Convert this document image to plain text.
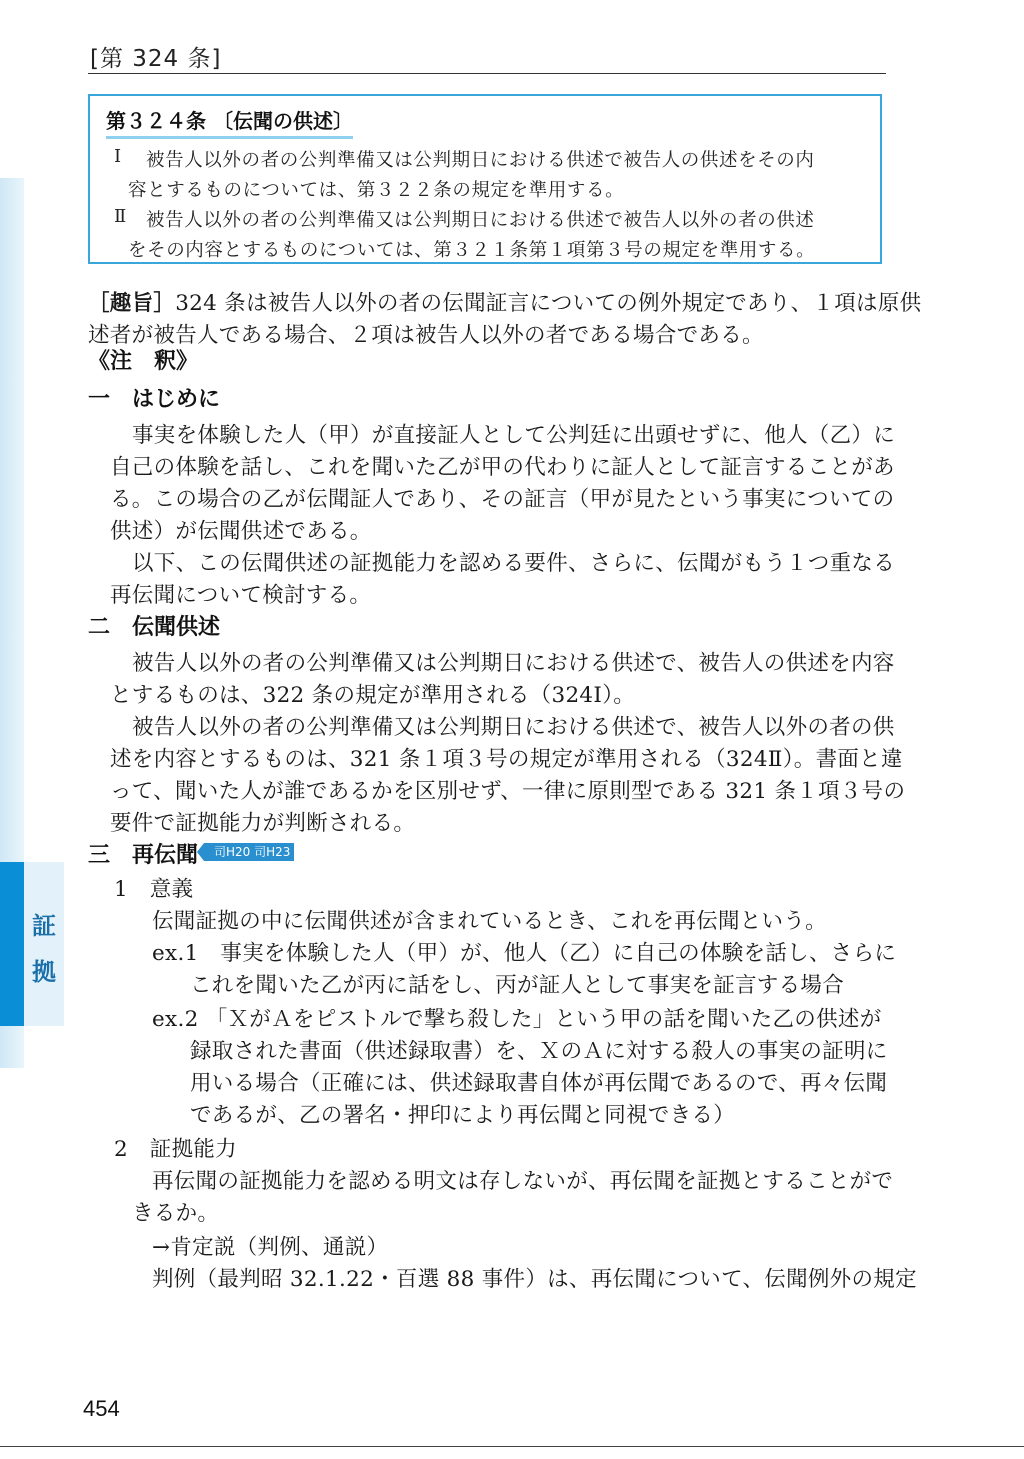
[第 324 条]
証
拠
第３２４条 〔伝聞の供述〕
Ⅰ 被告人以外の者の公判準備又は公判期日における供述で被告人の供述をその内
容とするものについては、第３２２条の規定を準用する。
Ⅱ 被告人以外の者の公判準備又は公判期日における供述で被告人以外の者の供述
をその内容とするものについては、第３２１条第１項第３号の規定を準用する。
［趣旨］324 条は被告人以外の者の伝聞証言についての例外規定であり、１項は原供
述者が被告人である場合、２項は被告人以外の者である場合である。
《注　釈》
一　はじめに
事実を体験した人（甲）が直接証人として公判廷に出頭せずに、他人（乙）に
自己の体験を話し、これを聞いた乙が甲の代わりに証人として証言することがあ
る。この場合の乙が伝聞証人であり、その証言（甲が見たという事実についての
供述）が伝聞供述である。
以下、この伝聞供述の証拠能力を認める要件、さらに、伝聞がもう１つ重なる
再伝聞について検討する。
二　伝聞供述
被告人以外の者の公判準備又は公判期日における供述で、被告人の供述を内容
とするものは、322 条の規定が準用される（324Ⅰ）。
被告人以外の者の公判準備又は公判期日における供述で、被告人以外の者の供
述を内容とするものは、321 条１項３号の規定が準用される（324Ⅱ）。書面と違
って、聞いた人が誰であるかを区別せず、一律に原則型である 321 条１項３号の
要件で証拠能力が判断される。
三　再伝聞	司H20 司H23
1　意義
伝聞証拠の中に伝聞供述が含まれているとき、これを再伝聞という。
ex.1　事実を体験した人（甲）が、他人（乙）に自己の体験を話し、さらに
これを聞いた乙が丙に話をし、丙が証人として事実を証言する場合
ex.2 「ＸがＡをピストルで撃ち殺した」という甲の話を聞いた乙の供述が
録取された書面（供述録取書）を、ＸのＡに対する殺人の事実の証明に
用いる場合（正確には、供述録取書自体が再伝聞であるので、再々伝聞
であるが、乙の署名・押印により再伝聞と同視できる）
2　証拠能力
再伝聞の証拠能力を認める明文は存しないが、再伝聞を証拠とすることがで
きるか。
→肯定説（判例、通説）
判例（最判昭 32.1.22・百選 88 事件）は、再伝聞について、伝聞例外の規定
454
